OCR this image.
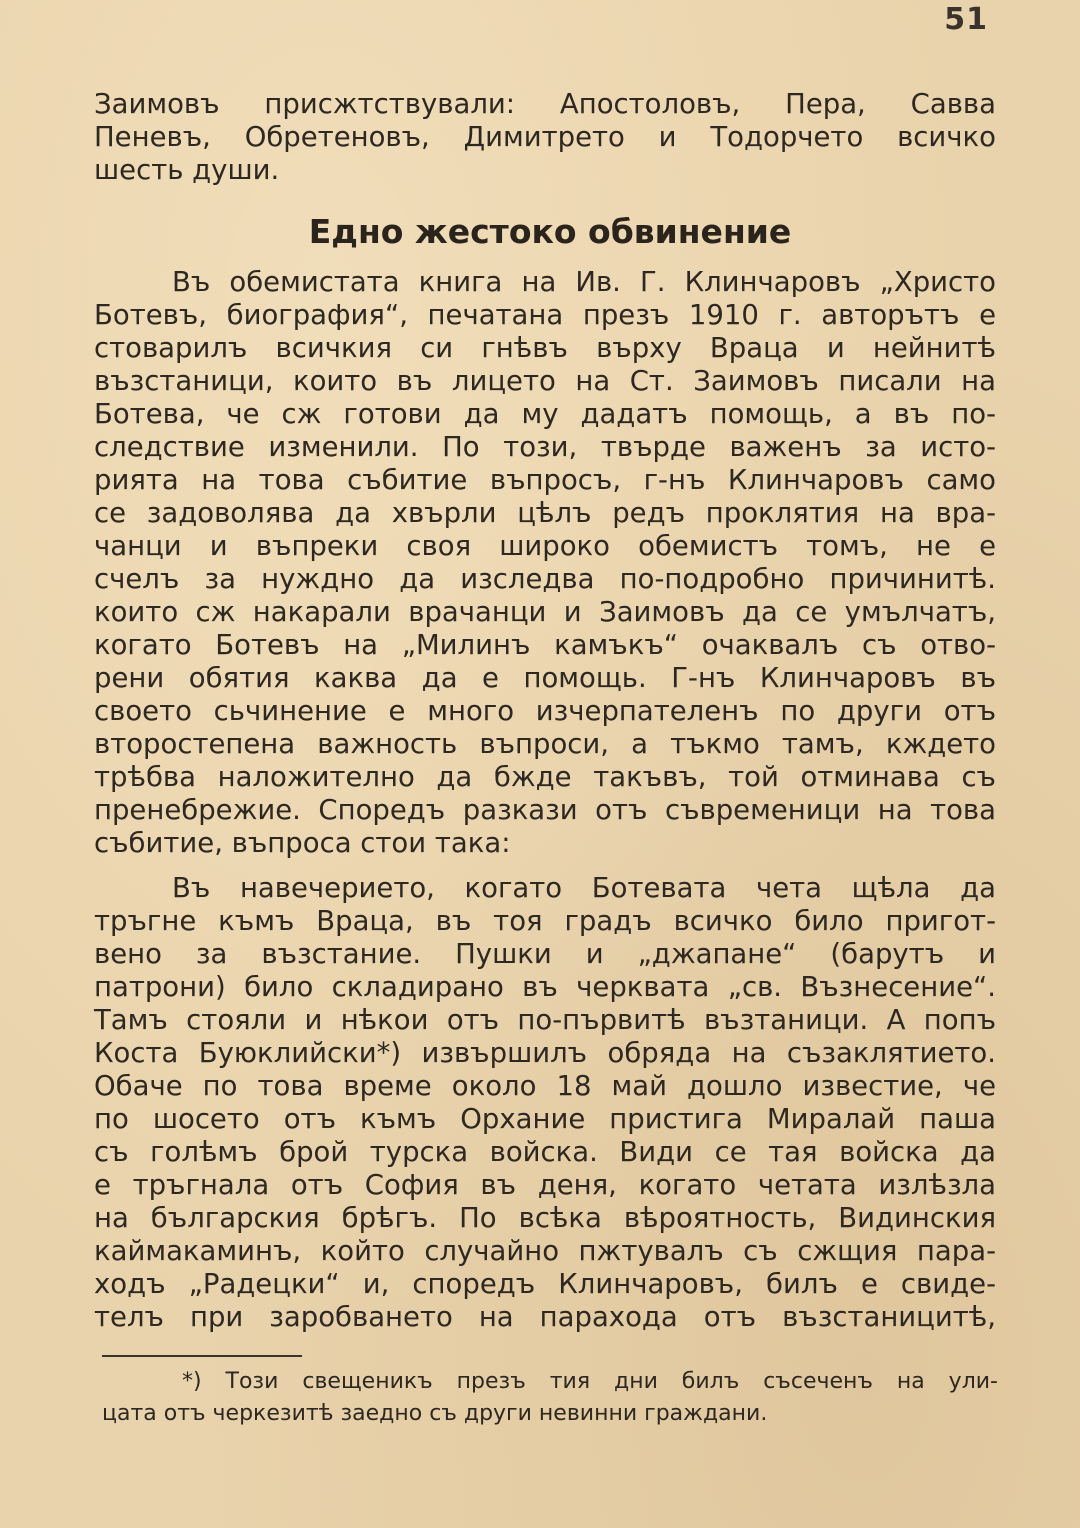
51
Заимовъ присжтствували: Апостоловъ, Пера, Савва
Пеневъ, Обретеновъ, Димитрето и Тодорчето всичко
шесть души.
Едно жестоко обвинение
Въ обемистата книга на Ив. Г. Клинчаровъ „Христо
Ботевъ, биография“, печатана презъ 1910 г. авторътъ е
стоварилъ всичкия си гнѣвъ върху Враца и нейнитѣ
възстаници, които въ лицето на Ст. Заимовъ писали на
Ботева, че сж готови да му дадатъ помощь, а въ по-
следствие изменили. По този, твърде важенъ за исто-
рията на това събитие въпросъ, г-нъ Клинчаровъ само
се задоволява да хвърли цѣлъ редъ проклятия на вра-
чанци и въпреки своя широко обемистъ томъ, не е
счелъ за нуждно да изследва по-подробно причинитѣ.
които сж накарали врачанци и Заимовъ да се умълчатъ,
когато Ботевъ на „Милинъ камъкъ“ очаквалъ съ отво-
рени обятия каква да е помощь. Г-нъ Клинчаровъ въ
своето сьчинение е много изчерпателенъ по други отъ
второстепена важность въпроси, а тъкмо тамъ, кждето
трѣбва наложително да бжде такъвъ, той отминава съ
пренебрежие. Споредъ разкази отъ съвременици на това
събитие, въпроса стои така:
Въ навечерието, когато Ботевата чета щѣла да
тръгне къмъ Враца, въ тоя градъ всичко било пригот-
вено за възстание. Пушки и „джапане“ (барутъ и
патрони) било складирано въ черквата „св. Възнесение“.
Тамъ стояли и нѣкои отъ по-първитѣ възтаници. А попъ
Коста Буюклийски*) извършилъ обряда на съзаклятието.
Обаче по това време около 18 май дошло известие, че
по шосето отъ къмъ Орхание пристига Миралай паша
съ голѣмъ брой турска войска. Види се тая войска да
е тръгнала отъ София въ деня, когато четата излѣзла
на българския брѣгъ. По всѣка вѣроятность, Видинския
каймакаминъ, който случайно пжтувалъ съ сжщия пара-
ходъ „Радецки“ и, споредъ Клинчаровъ, билъ е свиде-
телъ при заробването на парахода отъ възстаницитѣ,
*) Този свещеникъ презъ тия дни билъ съсеченъ на ули-
цата отъ черкезитѣ заедно съ други невинни граждани.
